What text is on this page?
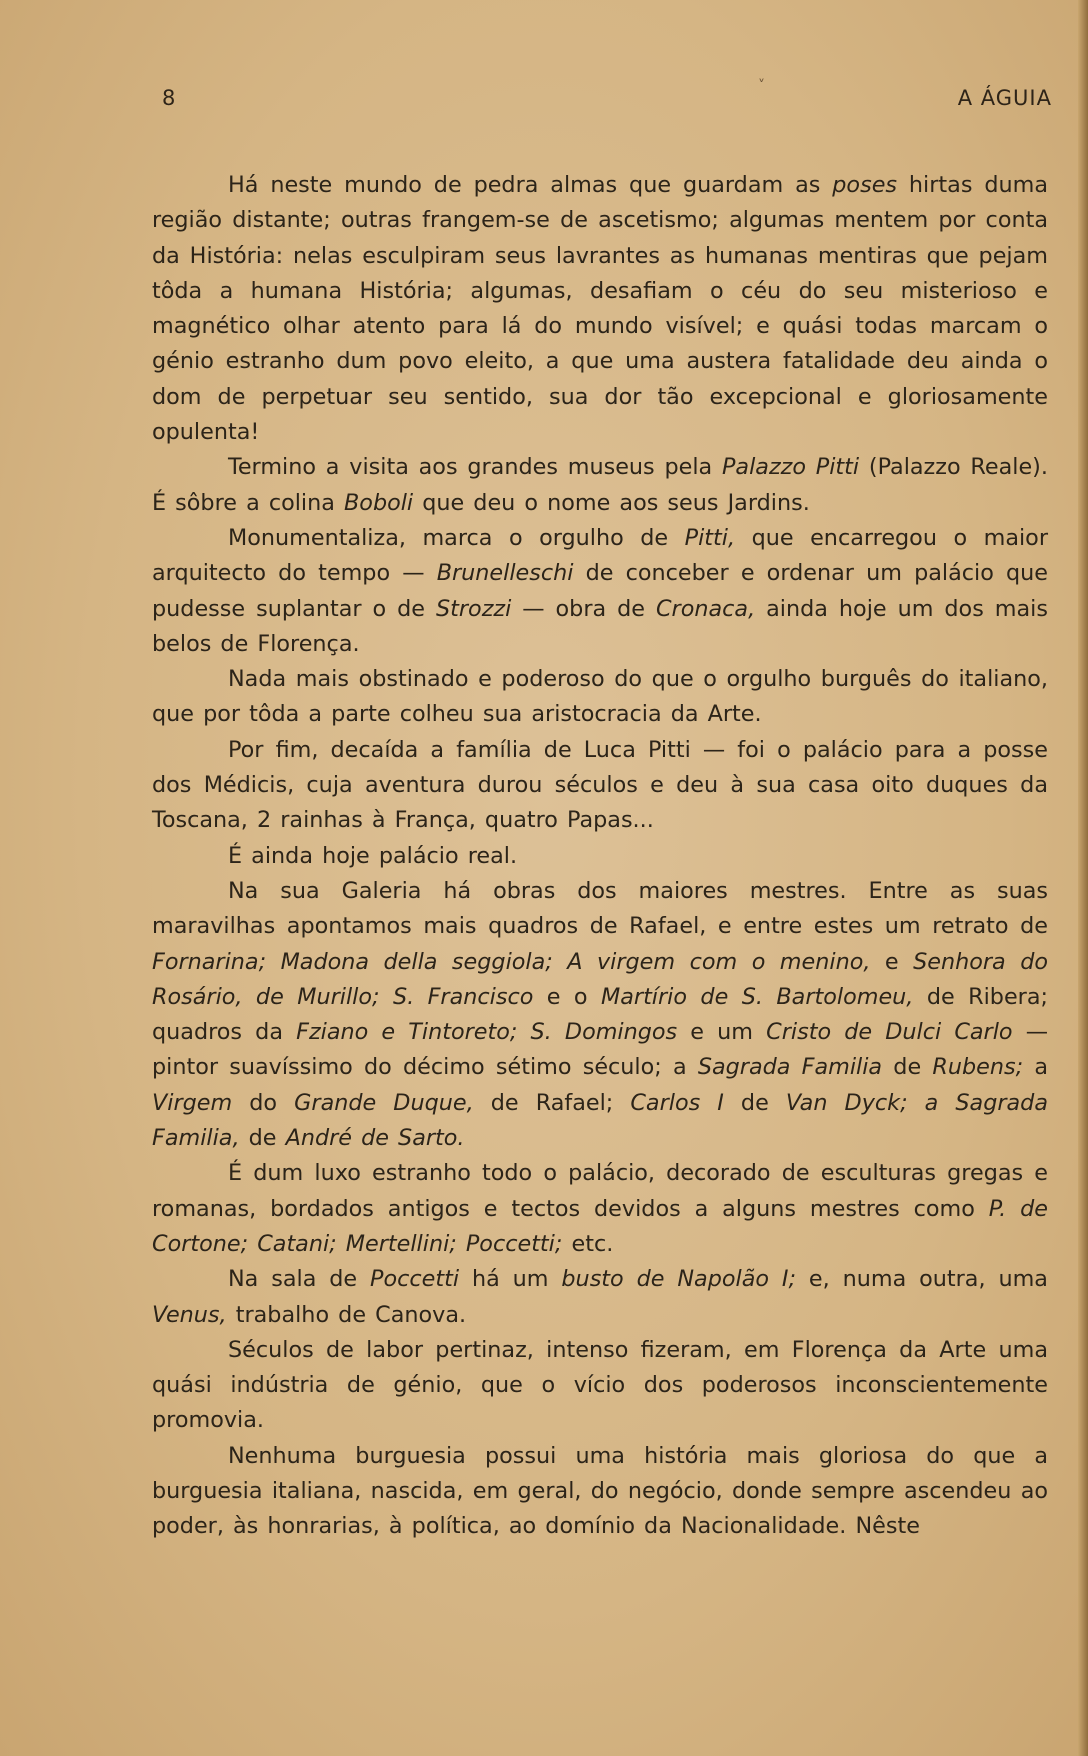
8	˅	A ÁGUIA

Há neste mundo de pedra almas que guardam as poses hirtas duma região distante; outras frangem-se de ascetismo; algumas mentem por conta da História: nelas esculpiram seus lavrantes as humanas mentiras que pejam tôda a humana História; algumas, desafiam o céu do seu misterioso e magnético olhar atento para lá do mundo visível; e quási todas marcam o génio estranho dum povo eleito, a que uma austera fatalidade deu ainda o dom de perpetuar seu sentido, sua dor tão excepcional e gloriosamente opulenta!

Termino a visita aos grandes museus pela Palazzo Pitti (Palazzo Reale). É sôbre a colina Boboli que deu o nome aos seus Jardins.

Monumentaliza, marca o orgulho de Pitti, que encarregou o maior arquitecto do tempo — Brunelleschi de conceber e ordenar um palácio que pudesse suplantar o de Strozzi — obra de Cronaca, ainda hoje um dos mais belos de Florença.

Nada mais obstinado e poderoso do que o orgulho burguês do italiano, que por tôda a parte colheu sua aristocracia da Arte.

Por fim, decaída a família de Luca Pitti — foi o palácio para a posse dos Médicis, cuja aventura durou séculos e deu à sua casa oito duques da Toscana, 2 rainhas à França, quatro Papas...

É ainda hoje palácio real.

Na sua Galeria há obras dos maiores mestres. Entre as suas maravilhas apontamos mais quadros de Rafael, e entre estes um retrato de Fornarina; Madona della seggiola; A virgem com o menino, e Senhora do Rosário, de Murillo; S. Francisco e o Martírio de S. Bartolomeu, de Ribera; quadros da Fziano e Tintoreto; S. Domingos e um Cristo de Dulci Carlo — pintor suavíssimo do décimo sétimo século; a Sagrada Familia de Rubens; a Virgem do Grande Duque, de Rafael; Carlos I de Van Dyck; a Sagrada Familia, de André de Sarto.

É dum luxo estranho todo o palácio, decorado de esculturas gregas e romanas, bordados antigos e tectos devidos a alguns mestres como P. de Cortone; Catani; Mertellini; Poccetti; etc.

Na sala de Poccetti há um busto de Napolão I; e, numa outra, uma Venus, trabalho de Canova.

Séculos de labor pertinaz, intenso fizeram, em Florença da Arte uma quási indústria de génio, que o vício dos poderosos inconscientemente promovia.

Nenhuma burguesia possui uma história mais gloriosa do que a burguesia italiana, nascida, em geral, do negócio, donde sempre ascendeu ao poder, às honrarias, à política, ao domínio da Nacionalidade. Nêste
